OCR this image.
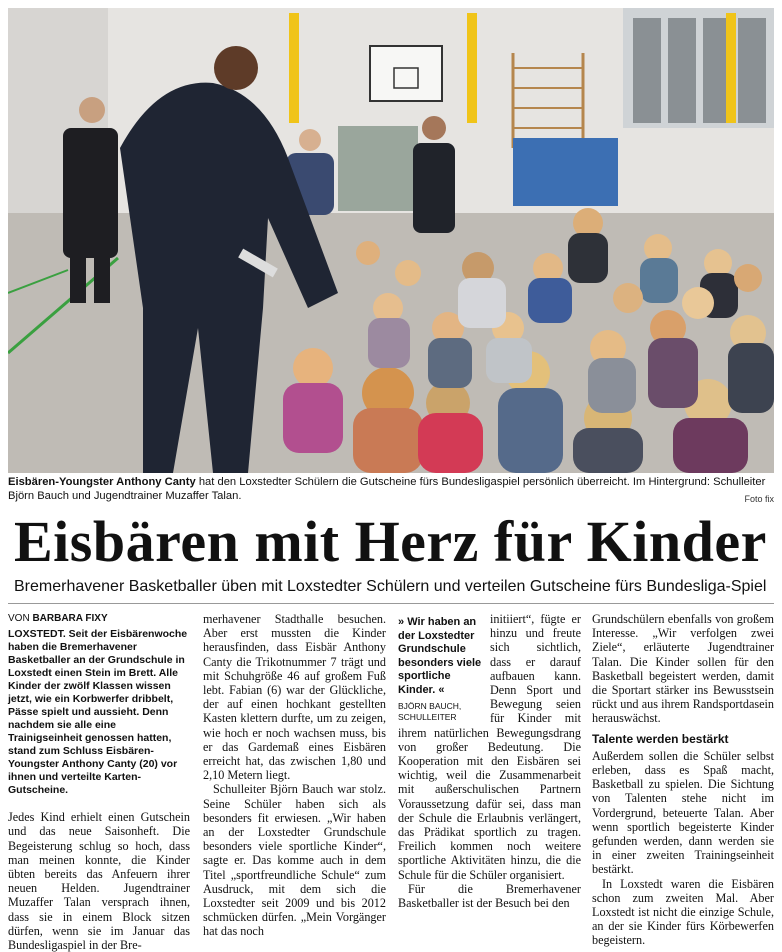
Eisbären-Youngster Anthony Canty hat den Loxstedter Schülern die Gutscheine fürs Bundesligaspiel persönlich überreicht. Im Hintergrund: Schulleiter Björn Bauch und Jugendtrainer Muzaffer Talan.	Foto fix
Eisbären mit Herz für Kinder
Bremerhavener Basketballer üben mit Loxstedter Schülern und verteilen Gutscheine fürs Bundesliga-Spiel
VON BARBARA FIXY

LOXSTEDT. Seit der Eisbärenwoche haben die Bremerhavener Basketballer an der Grundschule in Loxstedt einen Stein im Brett. Alle Kinder der zwölf Klassen wissen jetzt, wie ein Korbwerfer dribbelt, Pässe spielt und aussieht. Denn nachdem sie alle eine Trainigseinheit genossen hatten, stand zum Schluss Eisbären-Youngster Anthony Canty (20) vor ihnen und verteilte Karten-Gutscheine.

Jedes Kind erhielt einen Gutschein und das neue Saisonheft. Die Begeisterung schlug so hoch, dass man meinen konnte, die Kinder übten bereits das Anfeuern ihrer neuen Helden. Jugendtrainer Muzaffer Talan versprach ihnen, dass sie in einem Block sitzen dürfen, wenn sie im Januar das Bundesligaspiel in der Bre-

merhavener Stadthalle besuchen. Aber erst mussten die Kinder herausfinden, dass Eisbär Anthony Canty die Trikotnummer 7 trägt und mit Schuhgröße 46 auf großem Fuß lebt. Fabian (6) war der Glückliche, der auf einen hochkant gestellten Kasten klettern durfte, um zu zeigen, wie hoch er noch wachsen muss, bis er das Gardemaß eines Eisbären erreicht hat, das zwischen 1,80 und 2,10 Metern liegt.

Schulleiter Björn Bauch war stolz. Seine Schüler haben sich als besonders fit erwiesen. „Wir haben an der Loxstedter Grundschule besonders viele sportliche Kinder“, sagte er. Das komme auch in dem Titel „sportfreundliche Schule“ zum Ausdruck, mit dem sich die Loxstedter seit 2009 und bis 2012 schmücken dürfen. „Mein Vorgänger hat das noch

» Wir haben an der Loxstedter Grundschule besonders viele sportliche Kinder. «
BJÖRN BAUCH, SCHULLEITER
initiiert“, fügte er hinzu und freute sich sichtlich, dass er darauf aufbauen kann. Denn Sport und Bewegung seien für Kinder mit ihrem natürlichen Bewegungsdrang von großer Bedeutung. Die Kooperation mit den Eisbären sei wichtig, weil die Zusammenarbeit mit außerschulischen Partnern Voraussetzung dafür sei, dass man der Schule die Erlaubnis verlängert, das Prädikat sportlich zu tragen. Freilich kommen noch weitere sportliche Aktivitäten hinzu, die die Schule für die Schüler organisiert.

Für die Bremerhavener Basketballer ist der Besuch bei den

Grundschülern ebenfalls von großem Interesse. „Wir verfolgen zwei Ziele“, erläuterte Jugendtrainer Talan. Die Kinder sollen für den Basketball begeistert werden, damit die Sportart stärker ins Bewusstsein rückt und aus ihrem Randsportdasein herauswächst.

Talente werden bestärkt

Außerdem sollen die Schüler selbst erleben, dass es Spaß macht, Basketball zu spielen. Die Sichtung von Talenten stehe nicht im Vordergrund, beteuerte Talan. Aber wenn sportlich begeisterte Kinder gefunden werden, dann werden sie in einer zweiten Trainingseinheit bestärkt.

In Loxstedt waren die Eisbären schon zum zweiten Mal. Aber Loxstedt ist nicht die einzige Schule, an der sie Kinder fürs Körbewerfen begeistern.
